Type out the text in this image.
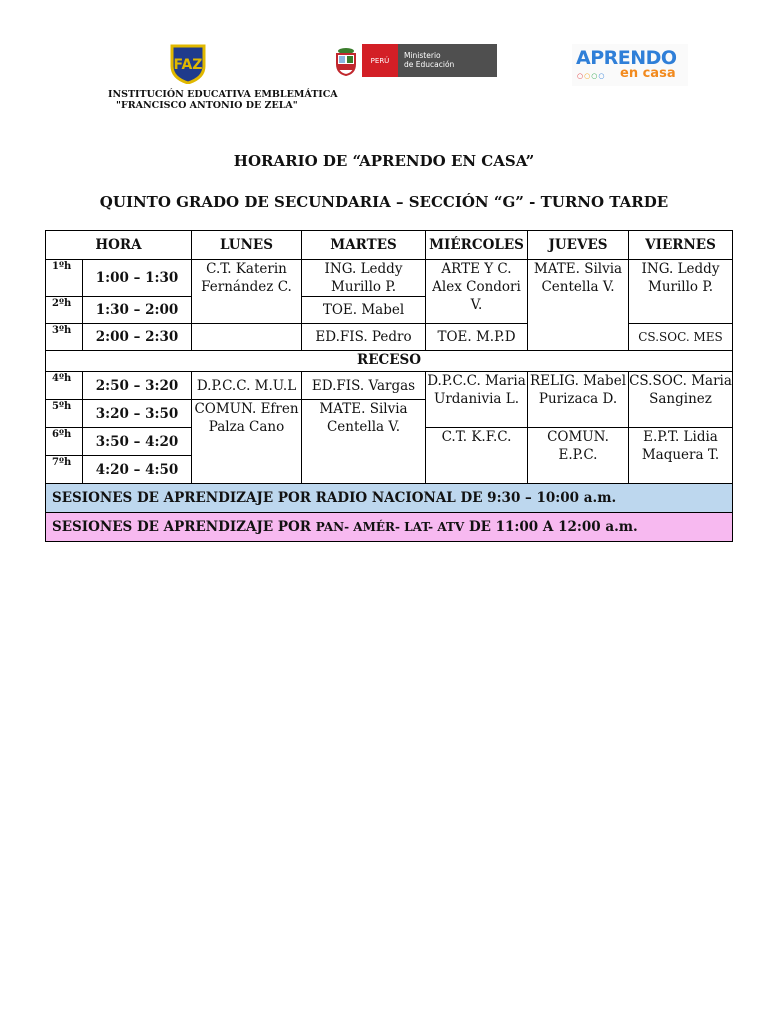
FAZ
INSTITUCIÓN EDUCATIVA EMBLEMÁTICA
"FRANCISCO ANTONIO DE ZELA"
PERÚ
Ministerio
de Educación	APRENDO
○○○○ en casa
HORARIO DE “APRENDO EN CASA”
QUINTO GRADO DE SECUNDARIA – SECCIÓN “G” - TURNO TARDE
HORA		LUNES	MARTES	MIÉRCOLES	JUEVES	VIERNES
1ºh	1:00 – 1:30	C.T. Katerin Fernández C.	ING. Leddy Murillo P.	ARTE Y C. Alex Condori V.	MATE. Silvia Centella V.	ING. Leddy Murillo P.
2ºh	1:30 – 2:00		TOE. Mabel			
3ºh	2:00 – 2:30		ED.FIS. Pedro	TOE. M.P.D		CS.SOC. MES
RECESO						
4ºh	2:50 – 3:20	D.P.C.C. M.U.L	ED.FIS. Vargas	D.P.C.C. Maria Urdanivia L.	RELIG. Mabel Purizaca D.	CS.SOC. Maria Sanginez
5ºh	3:20 – 3:50	COMUN. Efren Palza Cano	MATE. Silvia Centella V.			
6ºh	3:50 – 4:20			C.T. K.F.C.	COMUN. E.P.C.	E.P.T. Lidia Maquera T.
7ºh	4:20 – 4:50					
SESIONES DE APRENDIZAJE POR RADIO NACIONAL DE 9:30 – 10:00 a.m.						
SESIONES DE APRENDIZAJE POR PAN- AMÉR- LAT- ATV DE 11:00 A 12:00 a.m.						
